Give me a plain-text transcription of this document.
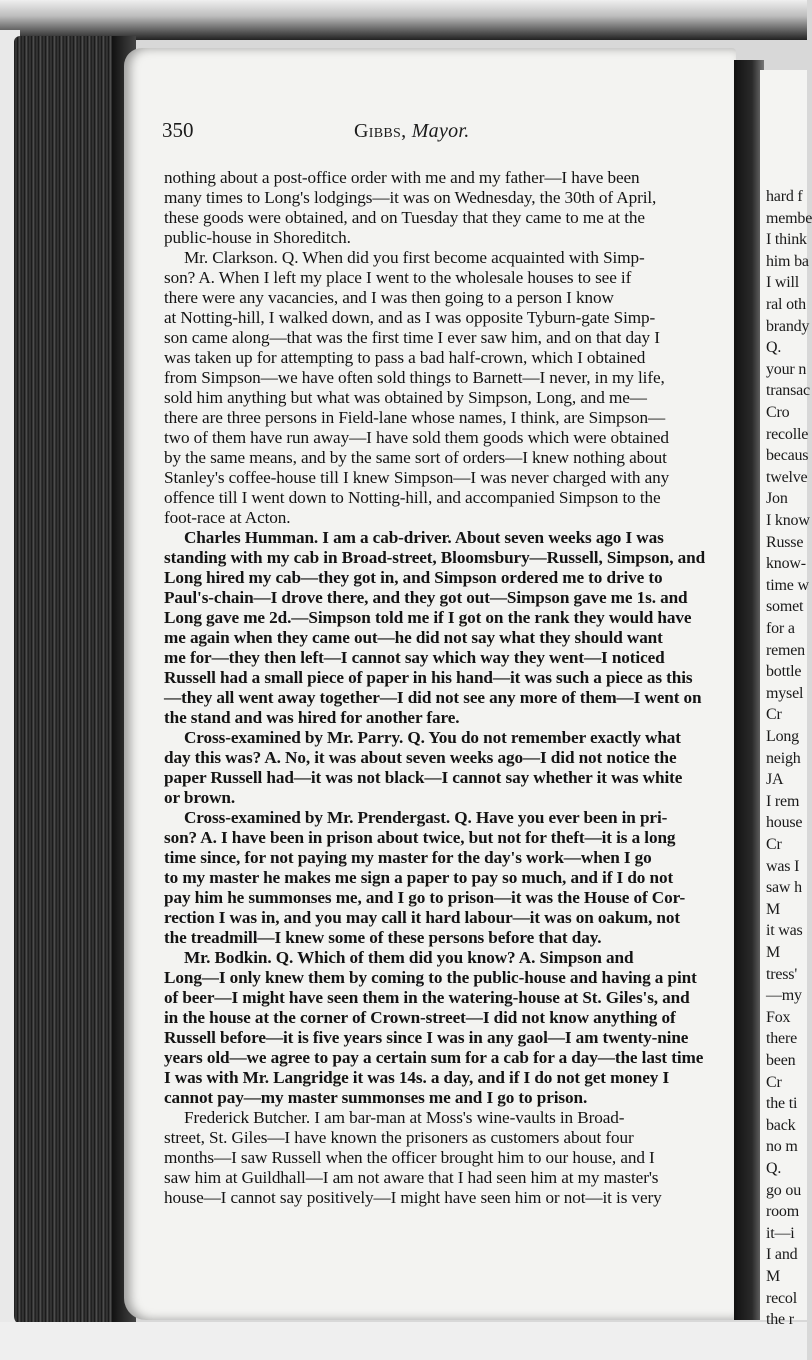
350	Gibbs, Mayor.
nothing about a post-office order with me and my father—I have been
many times to Long's lodgings—it was on Wednesday, the 30th of April,
these goods were obtained, and on Tuesday that they came to me at the
public-house in Shoreditch.
Mr. Clarkson. Q. When did you first become acquainted with Simp-
son? A. When I left my place I went to the wholesale houses to see if
there were any vacancies, and I was then going to a person I know
at Notting-hill, I walked down, and as I was opposite Tyburn-gate Simp-
son came along—that was the first time I ever saw him, and on that day I
was taken up for attempting to pass a bad half-crown, which I obtained
from Simpson—we have often sold things to Barnett—I never, in my life,
sold him anything but what was obtained by Simpson, Long, and me—
there are three persons in Field-lane whose names, I think, are Simpson—
two of them have run away—I have sold them goods which were obtained
by the same means, and by the same sort of orders—I knew nothing about
Stanley's coffee-house till I knew Simpson—I was never charged with any
offence till I went down to Notting-hill, and accompanied Simpson to the
foot-race at Acton.
Charles Humman. I am a cab-driver. About seven weeks ago I was
standing with my cab in Broad-street, Bloomsbury—Russell, Simpson, and
Long hired my cab—they got in, and Simpson ordered me to drive to
Paul's-chain—I drove there, and they got out—Simpson gave me 1s. and
Long gave me 2d.—Simpson told me if I got on the rank they would have
me again when they came out—he did not say what they should want
me for—they then left—I cannot say which way they went—I noticed
Russell had a small piece of paper in his hand—it was such a piece as this
—they all went away together—I did not see any more of them—I went on
the stand and was hired for another fare.
Cross-examined by Mr. Parry. Q. You do not remember exactly what
day this was? A. No, it was about seven weeks ago—I did not notice the
paper Russell had—it was not black—I cannot say whether it was white
or brown.
Cross-examined by Mr. Prendergast. Q. Have you ever been in pri-
son? A. I have been in prison about twice, but not for theft—it is a long
time since, for not paying my master for the day's work—when I go
to my master he makes me sign a paper to pay so much, and if I do not
pay him he summonses me, and I go to prison—it was the House of Cor-
rection I was in, and you may call it hard labour—it was on oakum, not
the treadmill—I knew some of these persons before that day.
Mr. Bodkin. Q. Which of them did you know? A. Simpson and
Long—I only knew them by coming to the public-house and having a pint
of beer—I might have seen them in the watering-house at St. Giles's, and
in the house at the corner of Crown-street—I did not know anything of
Russell before—it is five years since I was in any gaol—I am twenty-nine
years old—we agree to pay a certain sum for a cab for a day—the last time
I was with Mr. Langridge it was 14s. a day, and if I do not get money I
cannot pay—my master summonses me and I go to prison.
Frederick Butcher. I am bar-man at Moss's wine-vaults in Broad-
street, St. Giles—I have known the prisoners as customers about four
months—I saw Russell when the officer brought him to our house, and I
saw him at Guildhall—I am not aware that I had seen him at my master's
house—I cannot say positively—I might have seen him or not—it is very
hard f
membe
I think
him ba
I will
ral oth
brandy
Q.
your n
transac
Cro
recolle
becaus
twelve
Jon
I know
Russe
know-
time w
somet
for a
remen
bottle
mysel
Cr
Long
neigh
JA
I rem
house
Cr
was I
saw h
M
it was
M
tress'
—my
Fox
there
been
Cr
the ti
back
no m
Q.
go ou
room
it—i
I and
M
recol
the r
